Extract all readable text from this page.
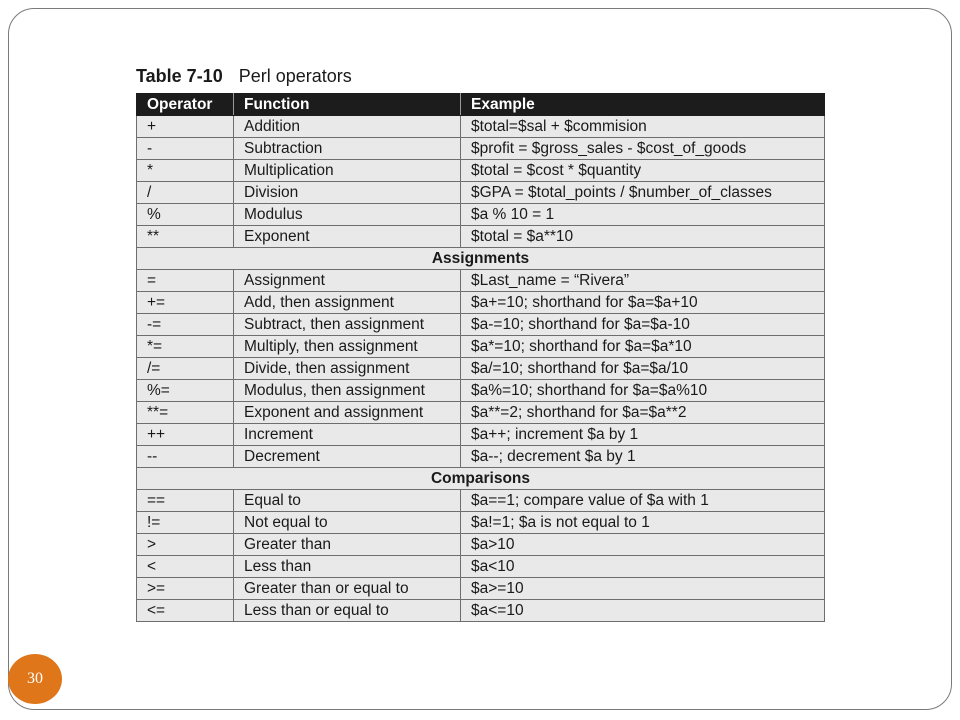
Table 7-10 Perl operators
Operator	Function	Example
+	Addition	$total=$sal + $commision
-	Subtraction	$profit = $gross_sales - $cost_of_goods
*	Multiplication	$total = $cost * $quantity
/	Division	$GPA = $total_points / $number_of_classes
%	Modulus	$a % 10 = 1
**	Exponent	$total = $a**10
Assignments		
=	Assignment	$Last_name = “Rivera”
+=	Add, then assignment	$a+=10; shorthand for $a=$a+10
-=	Subtract, then assignment	$a-=10; shorthand for $a=$a-10
*=	Multiply, then assignment	$a*=10; shorthand for $a=$a*10
/=	Divide, then assignment	$a/=10; shorthand for $a=$a/10
%=	Modulus, then assignment	$a%=10; shorthand for $a=$a%10
**=	Exponent and assignment	$a**=2; shorthand for $a=$a**2
++	Increment	$a++; increment $a by 1
--	Decrement	$a--; decrement $a by 1
Comparisons		
==	Equal to	$a==1; compare value of $a with 1
!=	Not equal to	$a!=1; $a is not equal to 1
>	Greater than	$a>10
<	Less than	$a<10
>=	Greater than or equal to	$a>=10
<=	Less than or equal to	$a<=10
30
